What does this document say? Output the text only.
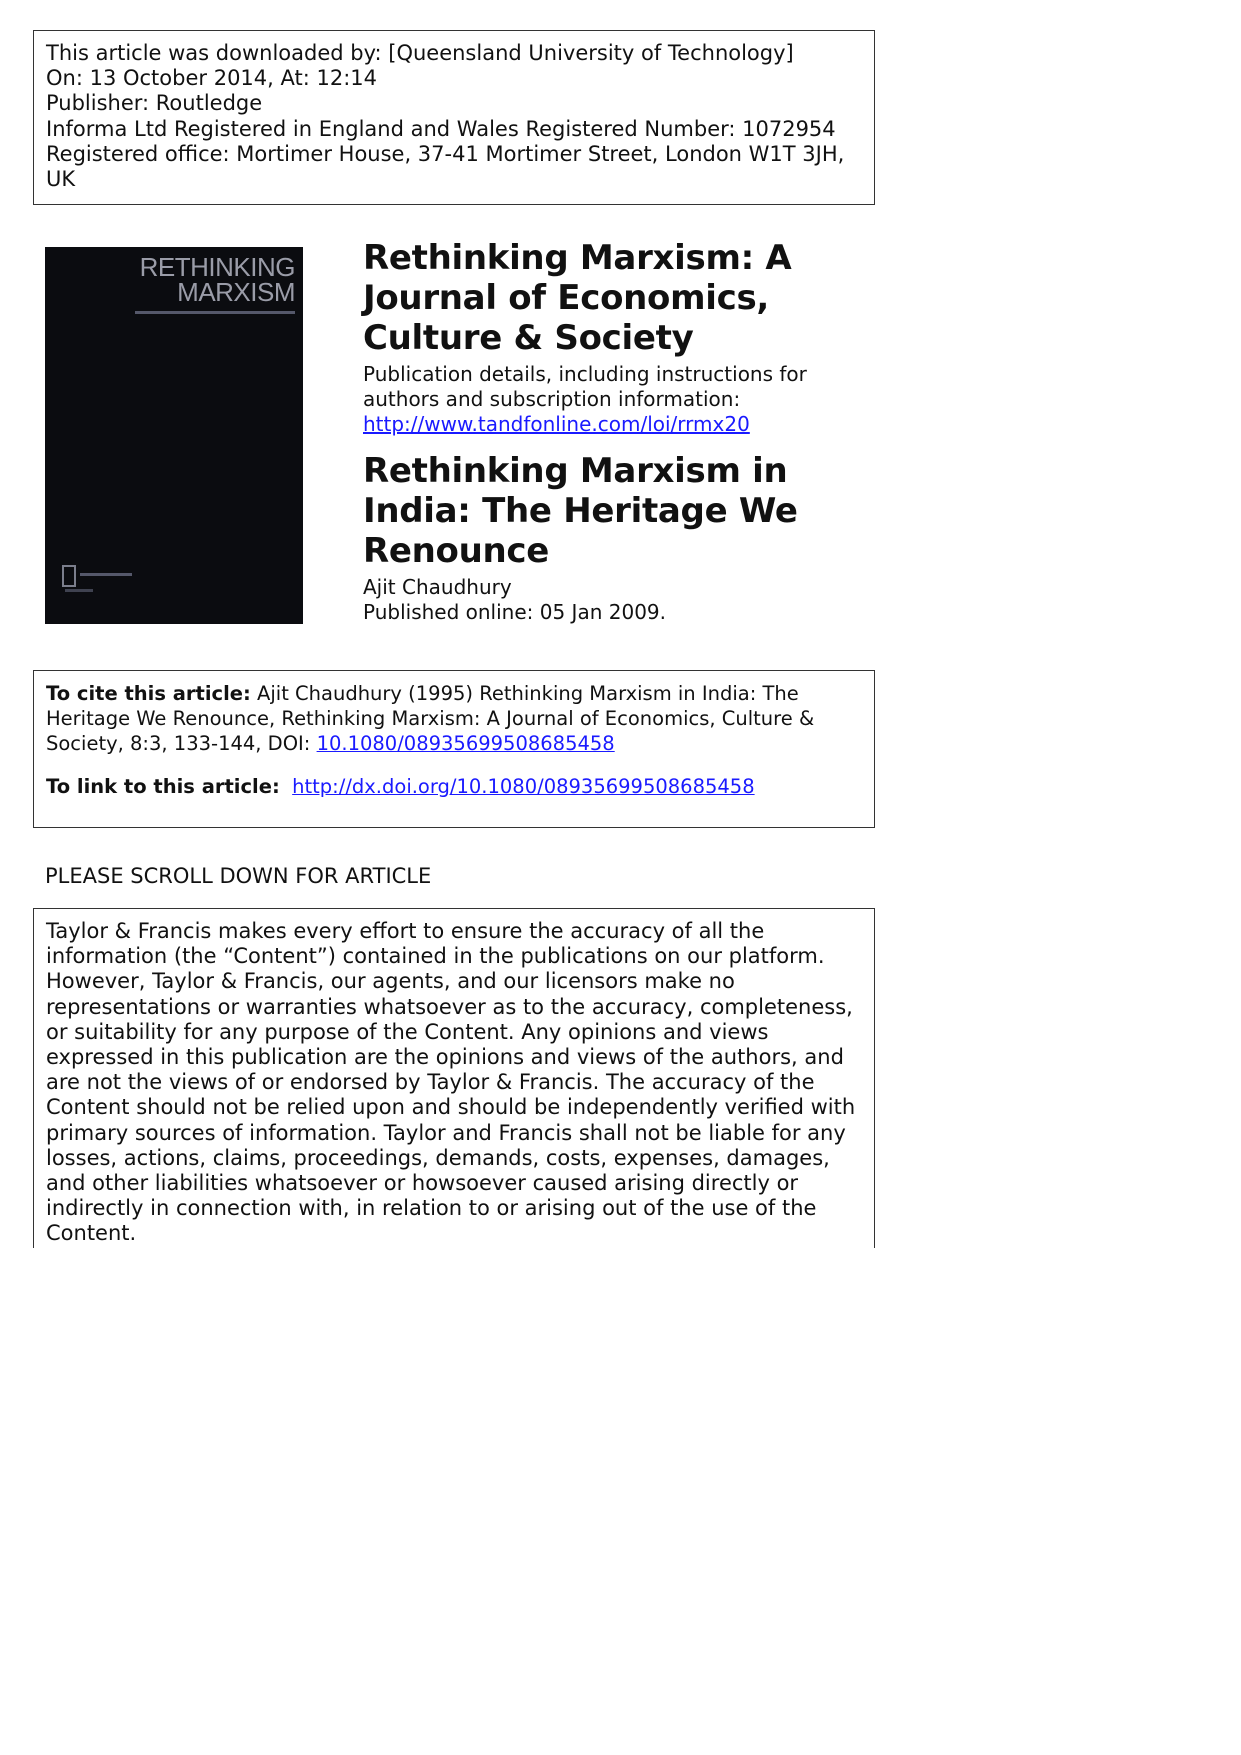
This article was downloaded by: [Queensland University of Technology]
On: 13 October 2014, At: 12:14
Publisher: Routledge
Informa Ltd Registered in England and Wales Registered Number: 1072954
Registered office: Mortimer House, 37-41 Mortimer Street, London W1T 3JH,
UK
RETHINKING
MARXISM
Rethinking Marxism: A Journal of Economics, Culture & Society
Publication details, including instructions for authors and subscription information:
http://www.tandfonline.com/loi/rrmx20
Rethinking Marxism in India: The Heritage We Renounce
Ajit Chaudhury
Published online: 05 Jan 2009.
To cite this article: Ajit Chaudhury (1995) Rethinking Marxism in India: The Heritage We Renounce, Rethinking Marxism: A Journal of Economics, Culture & Society, 8:3, 133-144, DOI: 10.1080/08935699508685458
To link to this article: http://dx.doi.org/10.1080/08935699508685458
PLEASE SCROLL DOWN FOR ARTICLE
Taylor & Francis makes every effort to ensure the accuracy of all the information (the “Content”) contained in the publications on our platform. However, Taylor & Francis, our agents, and our licensors make no representations or warranties whatsoever as to the accuracy, completeness, or suitability for any purpose of the Content. Any opinions and views expressed in this publication are the opinions and views of the authors, and are not the views of or endorsed by Taylor & Francis. The accuracy of the Content should not be relied upon and should be independently verified with primary sources of information. Taylor and Francis shall not be liable for any losses, actions, claims, proceedings, demands, costs, expenses, damages, and other liabilities whatsoever or howsoever caused arising directly or indirectly in connection with, in relation to or arising out of the use of the Content.
